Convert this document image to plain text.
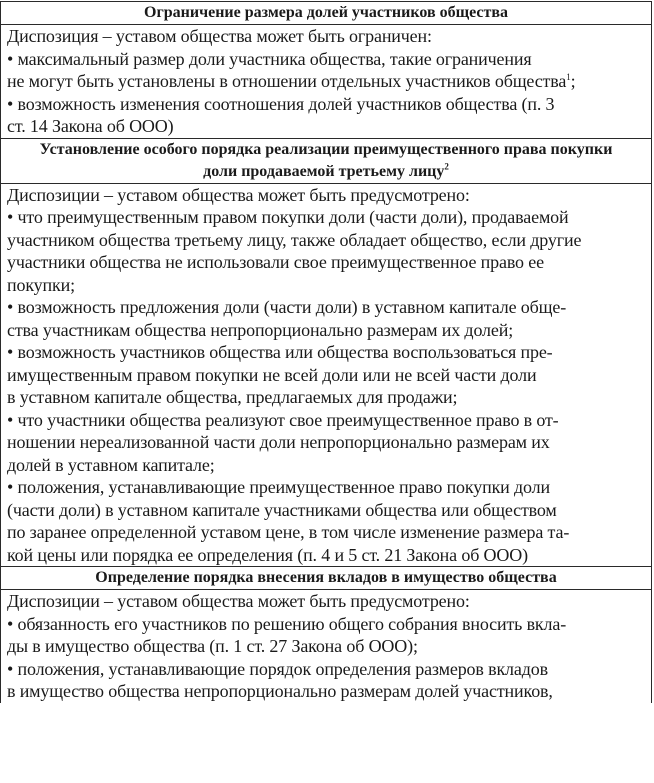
Ограничение размера долей участников общества

Диспозиция – уставом общества может быть ограничен:
• максимальный размер доли участника общества, такие ограничения
не могут быть установлены в отношении отдельных участников общества$^1$;
• возможность изменения соотношения долей участников общества (п. 3
ст. 14 Закона об ООО)

Установление особого порядка реализации преимущественного права покупки
доли продаваемой третьему лицу$^2$

Диспозиции – уставом общества может быть предусмотрено:
• что преимущественным правом покупки доли (части доли), продаваемой
участником общества третьему лицу, также обладает общество, если другие
участники общества не использовали свое преимущественное право ее
покупки;
• возможность предложения доли (части доли) в уставном капитале обще-
ства участникам общества непропорционально размерам их долей;
• возможность участников общества или общества воспользоваться пре-
имущественным правом покупки не всей доли или не всей части доли
в уставном капитале общества, предлагаемых для продажи;
• что участники общества реализуют свое преимущественное право в от-
ношении нереализованной части доли непропорционально размерам их
долей в уставном капитале;
• положения, устанавливающие преимущественное право покупки доли
(части доли) в уставном капитале участниками общества или обществом
по заранее определенной уставом цене, в том числе изменение размера та-
кой цены или порядка ее определения (п. 4 и 5 ст. 21 Закона об ООО)

Определение порядка внесения вкладов в имущество общества

Диспозиции – уставом общества может быть предусмотрено:
• обязанность его участников по решению общего собрания вносить вкла-
ды в имущество общества (п. 1 ст. 27 Закона об ООО);
• положения, устанавливающие порядок определения размеров вкладов
в имущество общества непропорционально размерам долей участников,
